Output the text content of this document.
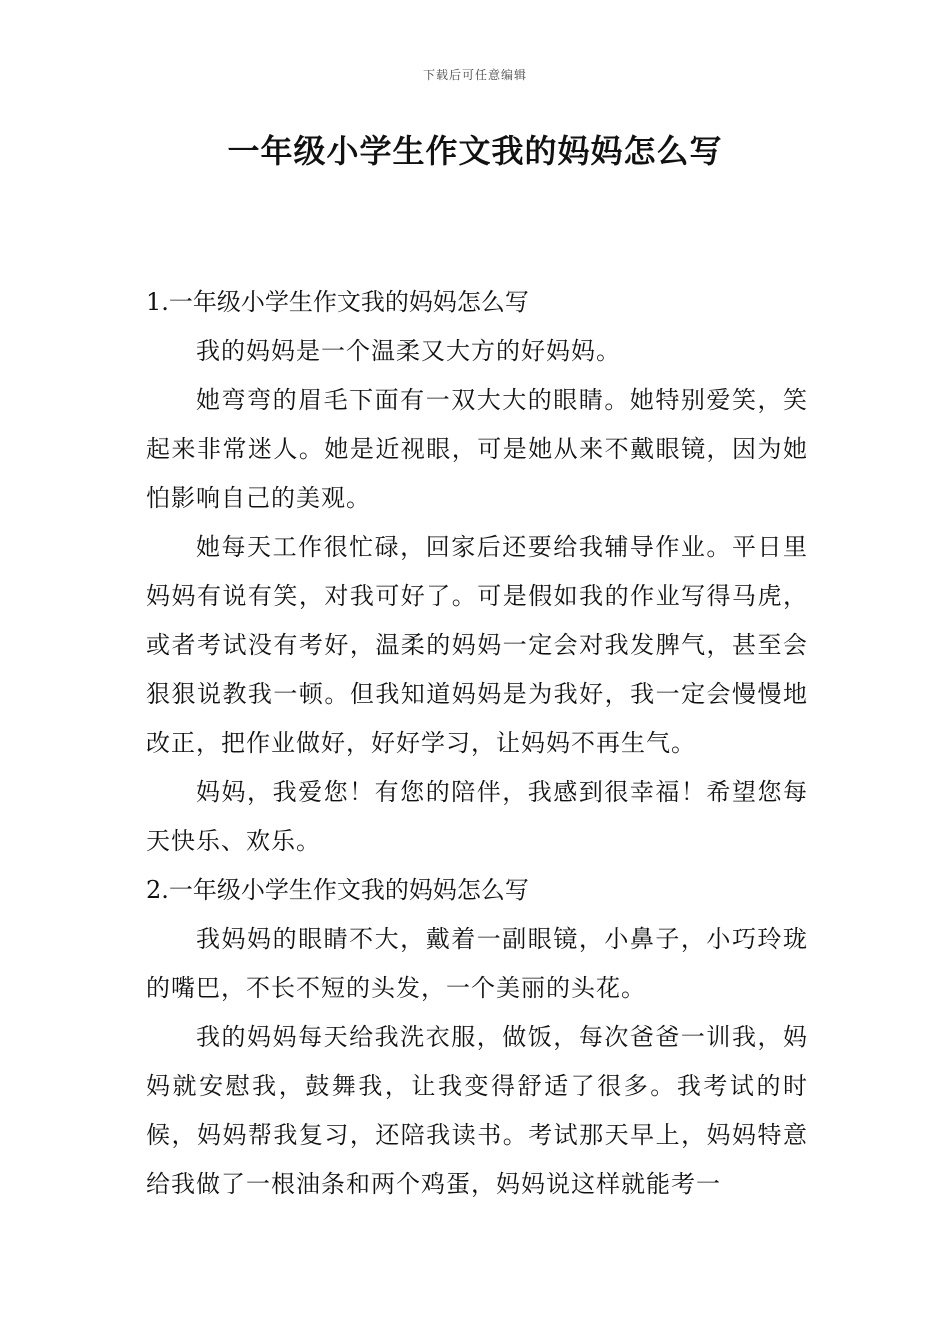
下载后可任意编辑
一年级小学生作文我的妈妈怎么写

1.一年级小学生作文我的妈妈怎么写

我的妈妈是一个温柔又大方的好妈妈。

她弯弯的眉毛下面有一双大大的眼睛。她特别爱笑，笑起来非常迷人。她是近视眼，可是她从来不戴眼镜，因为她怕影响自己的美观。

她每天工作很忙碌，回家后还要给我辅导作业。平日里妈妈有说有笑，对我可好了。可是假如我的作业写得马虎，或者考试没有考好，温柔的妈妈一定会对我发脾气，甚至会狠狠说教我一顿。但我知道妈妈是为我好，我一定会慢慢地改正，把作业做好，好好学习，让妈妈不再生气。

妈妈，我爱您！有您的陪伴，我感到很幸福！希望您每天快乐、欢乐。

2.一年级小学生作文我的妈妈怎么写

我妈妈的眼睛不大，戴着一副眼镜，小鼻子，小巧玲珑的嘴巴，不长不短的头发，一个美丽的头花。

我的妈妈每天给我洗衣服，做饭，每次爸爸一训我，妈妈就安慰我，鼓舞我，让我变得舒适了很多。我考试的时候，妈妈帮我复习，还陪我读书。考试那天早上，妈妈特意给我做了一根油条和两个鸡蛋，妈妈说这样就能考一
